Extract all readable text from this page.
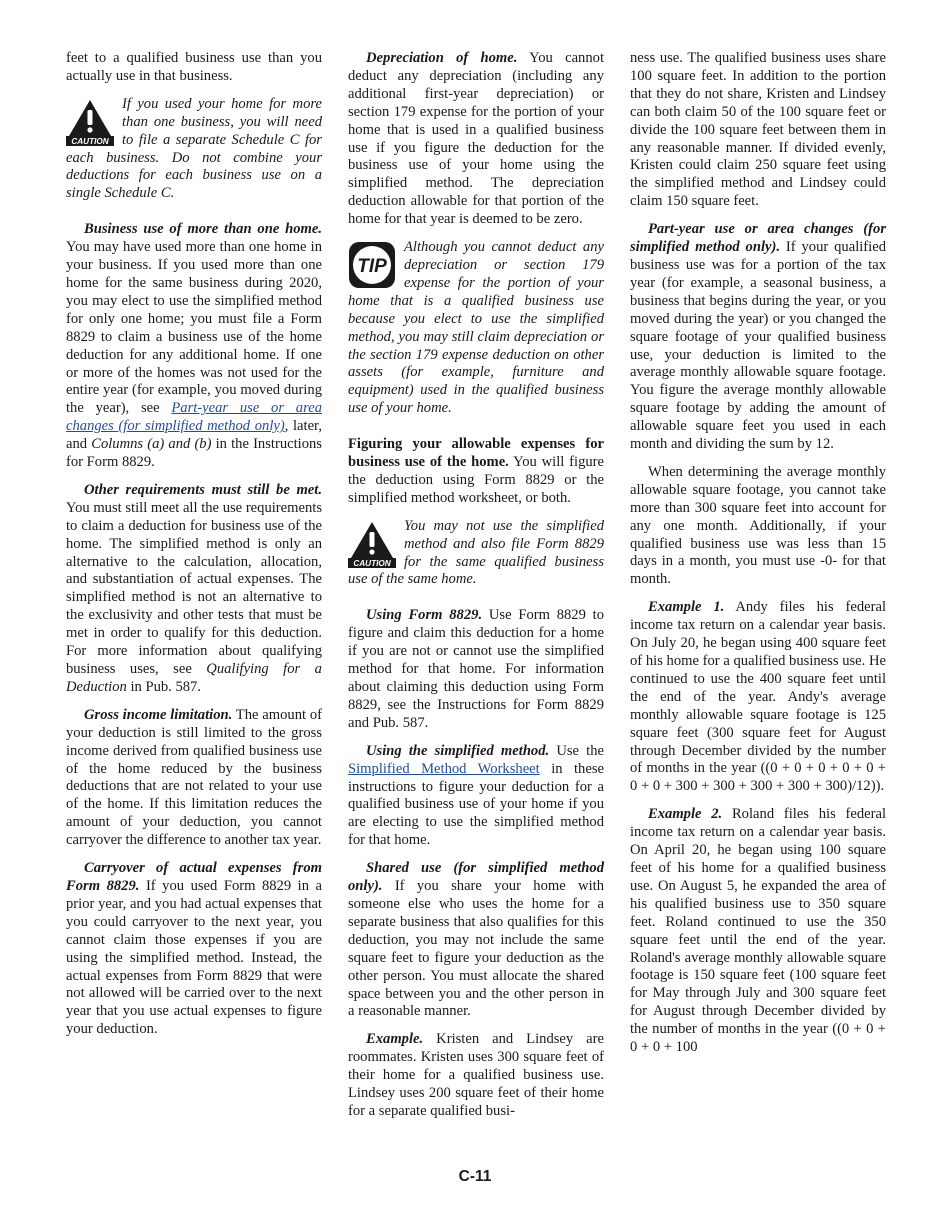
feet to a qualified business use than you actually use in that business.

CAUTION
If you used your home for more than one business, you will need to file a separate Schedule C for each business. Do not combine your deductions for each business use on a single Schedule C.

Business use of more than one home. You may have used more than one home in your business. If you used more than one home for the same business during 2020, you may elect to use the simplified method for only one home; you must file a Form 8829 to claim a business use of the home deduction for any additional home. If one or more of the homes was not used for the entire year (for example, you moved during the year), see Part-year use or area changes (for simplified method only), later, and Columns (a) and (b) in the Instructions for Form 8829.

Other requirements must still be met. You must still meet all the use requirements to claim a deduction for business use of the home. The simplified method is only an alternative to the calculation, allocation, and substantiation of actual expenses. The simplified method is not an alternative to the exclusivity and other tests that must be met in order to qualify for this deduction. For more information about qualifying business uses, see Qualifying for a Deduction in Pub. 587.

Gross income limitation. The amount of your deduction is still limited to the gross income derived from qualified business use of the home reduced by the business deductions that are not related to your use of the home. If this limitation reduces the amount of your deduction, you cannot carryover the difference to another tax year.

Carryover of actual expenses from Form 8829. If you used Form 8829 in a prior year, and you had actual expenses that you could carryover to the next year, you cannot claim those expenses if you are using the simplified method. Instead, the actual expenses from Form 8829 that were not allowed will be carried over to the next year that you use actual expenses to figure your deduction.

Depreciation of home. You cannot deduct any depreciation (including any additional first-year depreciation) or section 179 expense for the portion of your home that is used in a qualified business use if you figure the deduction for the business use of your home using the simplified method. The depreciation deduction allowable for that portion of the home for that year is deemed to be zero.

TIP
Although you cannot deduct any depreciation or section 179 expense for the portion of your home that is a qualified business use because you elect to use the simplified method, you may still claim depreciation or the section 179 expense deduction on other assets (for example, furniture and equipment) used in the qualified business use of your home.

Figuring your allowable expenses for business use of the home. You will figure the deduction using Form 8829 or the simplified method worksheet, or both.

CAUTION
You may not use the simplified method and also file Form 8829 for the same qualified business use of the same home.

Using Form 8829. Use Form 8829 to figure and claim this deduction for a home if you are not or cannot use the simplified method for that home. For information about claiming this deduction using Form 8829, see the Instructions for Form 8829 and Pub. 587.

Using the simplified method. Use the Simplified Method Worksheet in these instructions to figure your deduction for a qualified business use of your home if you are electing to use the simplified method for that home.

Shared use (for simplified method only). If you share your home with someone else who uses the home for a separate business that also qualifies for this deduction, you may not include the same square feet to figure your deduction as the other person. You must allocate the shared space between you and the other person in a reasonable manner.

Example. Kristen and Lindsey are roommates. Kristen uses 300 square feet of their home for a qualified business use. Lindsey uses 200 square feet of their home for a separate qualified busi-

ness use. The qualified business uses share 100 square feet. In addition to the portion that they do not share, Kristen and Lindsey can both claim 50 of the 100 square feet or divide the 100 square feet between them in any reasonable manner. If divided evenly, Kristen could claim 250 square feet using the simplified method and Lindsey could claim 150 square feet.

Part-year use or area changes (for simplified method only). If your qualified business use was for a portion of the tax year (for example, a seasonal business, a business that begins during the year, or you moved during the year) or you changed the square footage of your qualified business use, your deduction is limited to the average monthly allowable square footage. You figure the average monthly allowable square footage by adding the amount of allowable square feet you used in each month and dividing the sum by 12.

When determining the average monthly allowable square footage, you cannot take more than 300 square feet into account for any one month. Additionally, if your qualified business use was less than 15 days in a month, you must use -0- for that month.

Example 1. Andy files his federal income tax return on a calendar year basis. On July 20, he began using 400 square feet of his home for a qualified business use. He continued to use the 400 square feet until the end of the year. Andy's average monthly allowable square footage is 125 square feet (300 square feet for August through December divided by the number of months in the year ((0 + 0 + 0 + 0 + 0 + 0 + 0 + 300 + 300 + 300 + 300 + 300)/12)).

Example 2. Roland files his federal income tax return on a calendar year basis. On April 20, he began using 100 square feet of his home for a qualified business use. On August 5, he expanded the area of his qualified business use to 350 square feet. Roland continued to use the 350 square feet until the end of the year. Roland's average monthly allowable square footage is 150 square feet (100 square feet for May through July and 300 square feet for August through December divided by the number of months in the year ((0 + 0 + 0 + 0 + 100

C-11
